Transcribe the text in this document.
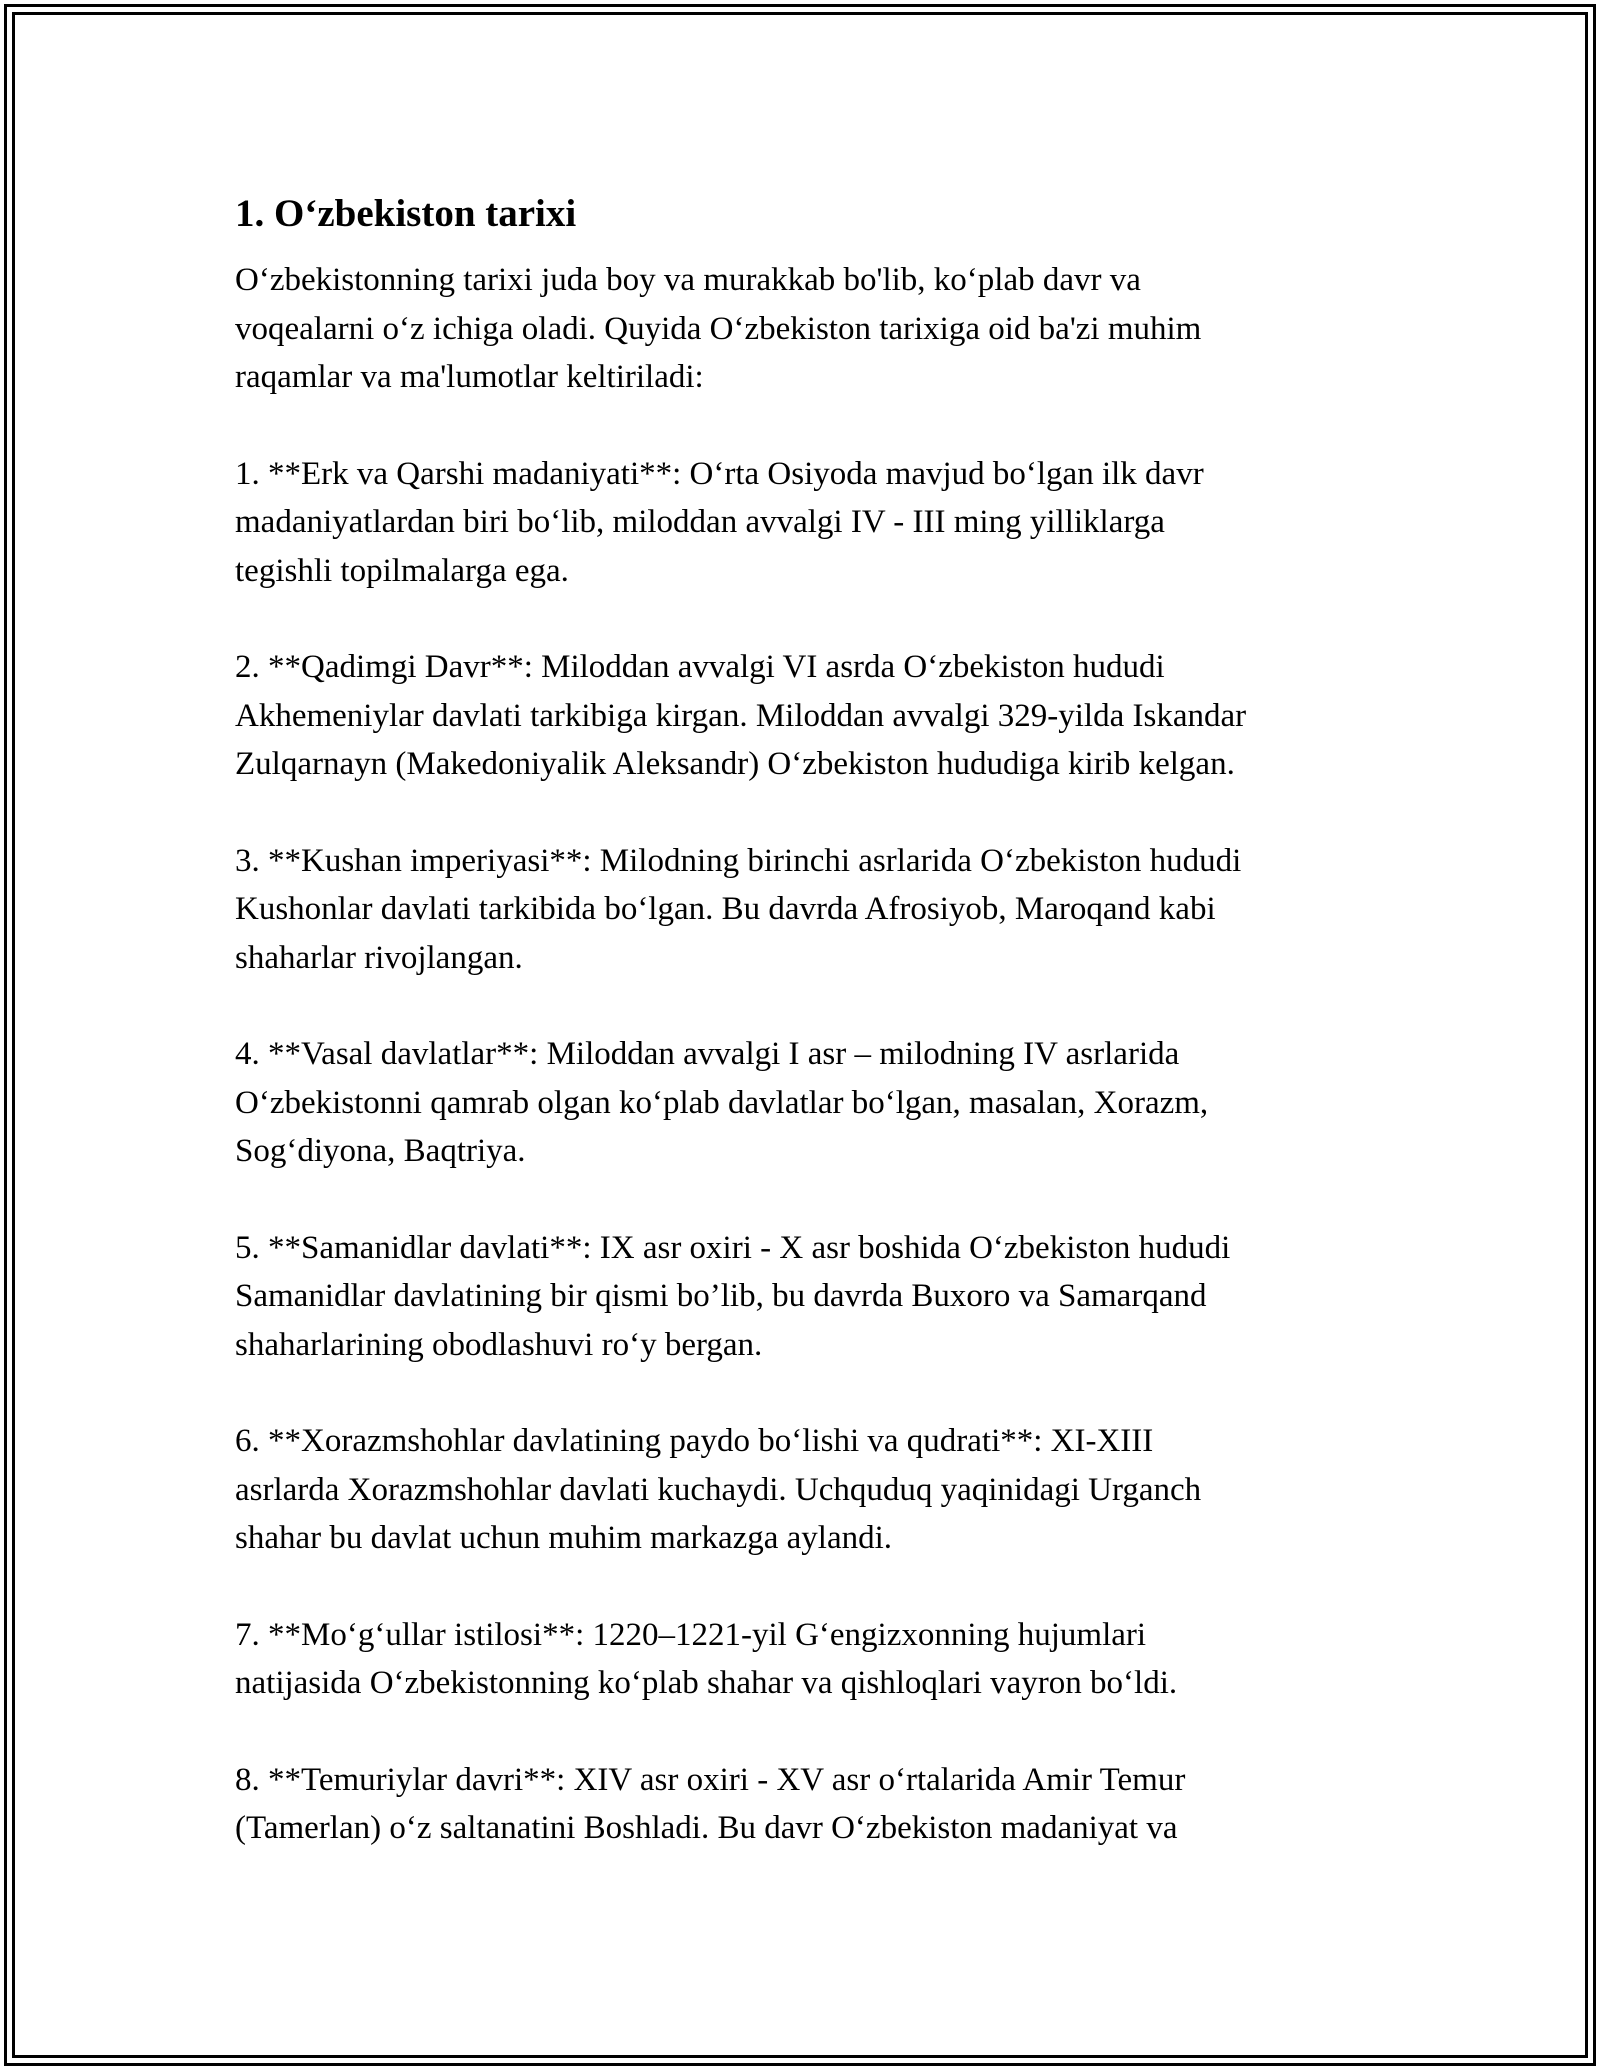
1. O‘zbekiston tarixi

O‘zbekistonning tarixi juda boy va murakkab bo'lib, ko‘plab davr va
voqealarni o‘z ichiga oladi. Quyida O‘zbekiston tarixiga oid ba'zi muhim
raqamlar va ma'lumotlar keltiriladi:

1. **Erk va Qarshi madaniyati**: O‘rta Osiyoda mavjud bo‘lgan ilk davr
madaniyatlardan biri bo‘lib, miloddan avvalgi IV - III ming yilliklarga
tegishli topilmalarga ega.

2. **Qadimgi Davr**: Miloddan avvalgi VI asrda O‘zbekiston hududi
Akhemeniylar davlati tarkibiga kirgan. Miloddan avvalgi 329-yilda Iskandar
Zulqarnayn (Makedoniyalik Aleksandr) O‘zbekiston hududiga kirib kelgan.

3. **Kushan imperiyasi**: Milodning birinchi asrlarida O‘zbekiston hududi
Kushonlar davlati tarkibida bo‘lgan. Bu davrda Afrosiyob, Maroqand kabi
shaharlar rivojlangan.

4. **Vasal davlatlar**: Miloddan avvalgi I asr – milodning IV asrlarida
O‘zbekistonni qamrab olgan ko‘plab davlatlar bo‘lgan, masalan, Xorazm,
Sog‘diyona, Baqtriya.

5. **Samanidlar davlati**: IX asr oxiri - X asr boshida O‘zbekiston hududi
Samanidlar davlatining bir qismi bo’lib, bu davrda Buxoro va Samarqand
shaharlarining obodlashuvi ro‘y bergan.

6. **Xorazmshohlar davlatining paydo bo‘lishi va qudrati**: XI-XIII
asrlarda Xorazmshohlar davlati kuchaydi. Uchquduq yaqinidagi Urganch
shahar bu davlat uchun muhim markazga aylandi.

7. **Mo‘g‘ullar istilosi**: 1220–1221-yil G‘engizxonning hujumlari
natijasida O‘zbekistonning ko‘plab shahar va qishloqlari vayron bo‘ldi.

8. **Temuriylar davri**: XIV asr oxiri - XV asr o‘rtalarida Amir Temur
(Tamerlan) o‘z saltanatini Boshladi. Bu davr O‘zbekiston madaniyat va
